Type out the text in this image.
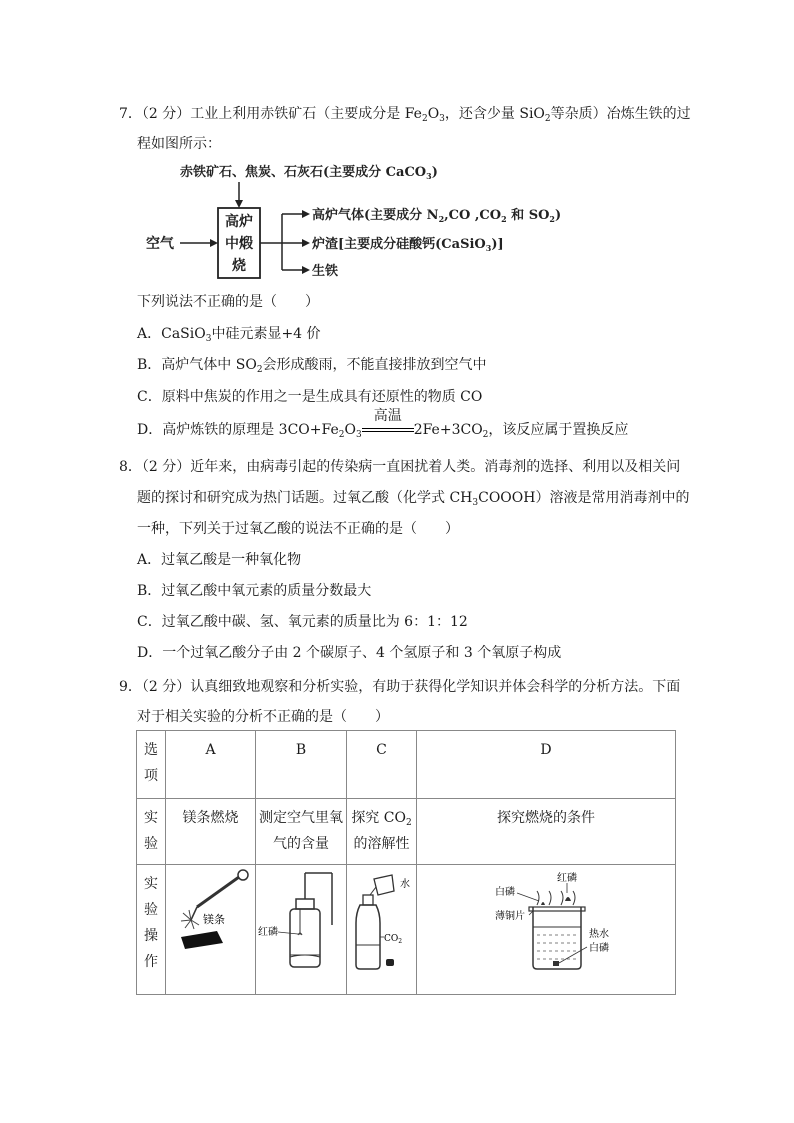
7．（2 分）工业上利用赤铁矿石（主要成分是 $Fe_2O_3$，还含少量 SiO$_2$等杂质）冶炼生铁的过
程如图所示：
赤铁矿石、焦炭、石灰石(主要成分 CaCO$_3$)
高炉
中煅
烧
空气
高炉气体(主要成分 $N_2,CO$ $,CO_2$ 和 $SO_2$)
炉渣[主要成分硅酸钙(CaSiO$_3$)]
生铁
下列说法不正确的是（　　）
A．CaSiO$_3$中硅元素显+4 价
B．高炉气体中 $SO_2$会形成酸雨，不能直接排放到空气中
C．原料中焦炭的作用之一是生成具有还原性的物质 CO
D．高炉炼铁的原理是 $3CO+Fe_2O_3$
高温
$2Fe+3CO_2$，该反应属于置换反应
8．（2 分）近年来，由病毒引起的传染病一直困扰着人类。消毒剂的选择、利用以及相关问
题的探讨和研究成为热门话题。过氧乙酸（化学式 $CH_3COOOH$）溶液是常用消毒剂中的
一种，下列关于过氧乙酸的说法不正确的是（　　）
A．过氧乙酸是一种氧化物
B．过氧乙酸中氧元素的质量分数最大
C．过氧乙酸中碳、氢、氧元素的质量比为 6：1：12
D．一个过氧乙酸分子由 2 个碳原子、4 个氢原子和 3 个氧原子构成
9．（2 分）认真细致地观察和分析实验，有助于获得化学知识并体会科学的分析方法。下面
对于相关实验的分析不正确的是（　　）
选项	A	B	C	D
实验	镁条燃烧	测定空气里氧气的含量	探究 $CO_2$的溶解性	探究燃烧的条件
实验操作	镁条	红磷	水
$CO_2$	红磷
白磷
薄铜片
热水
白磷
